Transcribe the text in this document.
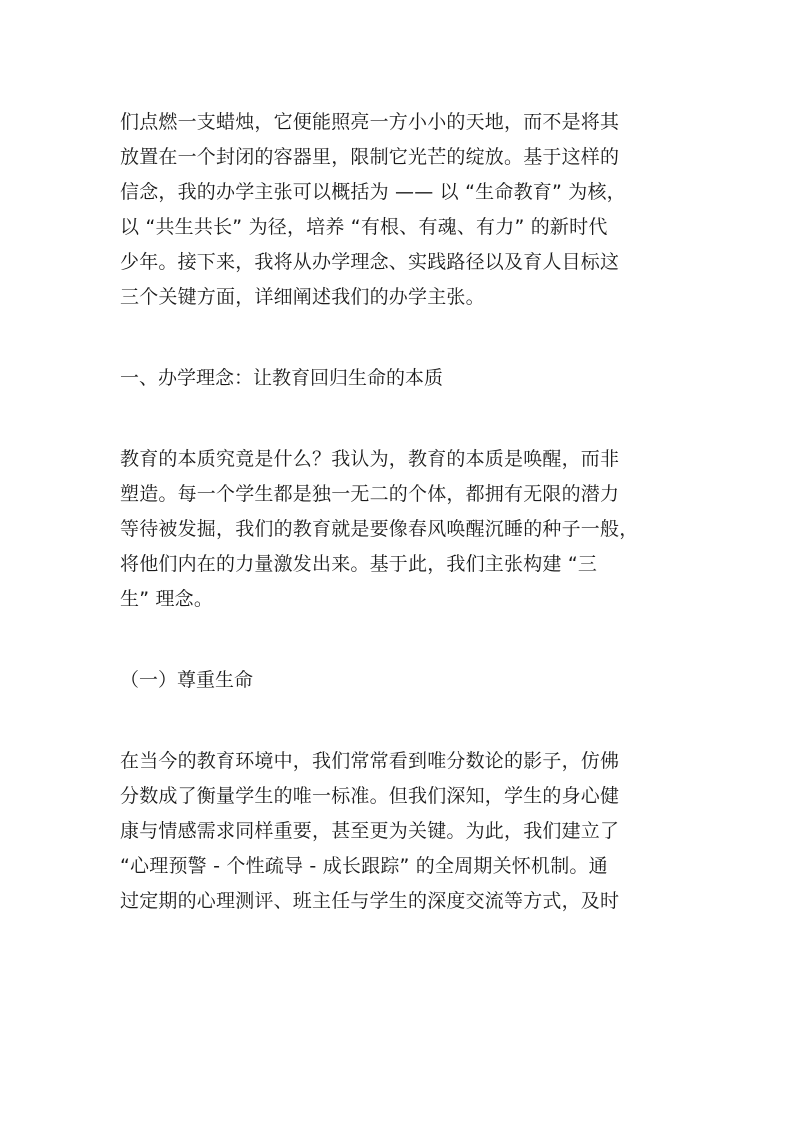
们点燃一支蜡烛，它便能照亮一方小小的天地，而不是将其
放置在一个封闭的容器里，限制它光芒的绽放。基于这样的
信念，我的办学主张可以概括为 —— 以 “生命教育” 为核，
以 “共生共长” 为径，培养 “有根、有魂、有力” 的新时代
少年。接下来，我将从办学理念、实践路径以及育人目标这
三个关键方面，详细阐述我们的办学主张。
一、办学理念：让教育回归生命的本质
教育的本质究竟是什么？我认为，教育的本质是唤醒，而非
塑造。每一个学生都是独一无二的个体，都拥有无限的潜力
等待被发掘，我们的教育就是要像春风唤醒沉睡的种子一般，
将他们内在的力量激发出来。基于此，我们主张构建 “三
生” 理念。
（一）尊重生命
在当今的教育环境中，我们常常看到唯分数论的影子，仿佛
分数成了衡量学生的唯一标准。但我们深知，学生的身心健
康与情感需求同样重要，甚至更为关键。为此，我们建立了
“心理预警 - 个性疏导 - 成长跟踪” 的全周期关怀机制。通
过定期的心理测评、班主任与学生的深度交流等方式，及时
